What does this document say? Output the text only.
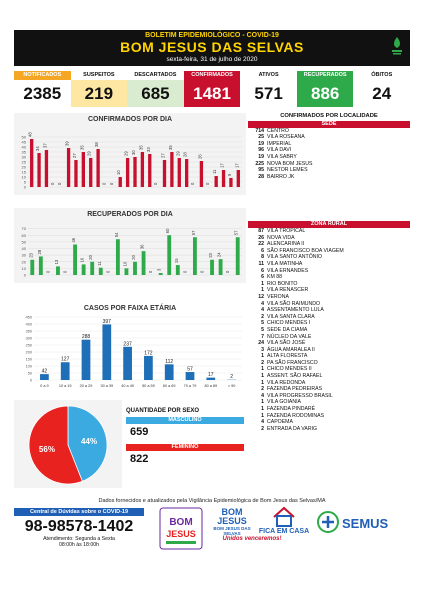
BOLETIM EPIDEMIOLÓGICO - COVID-19
BOM JESUS DAS SELVAS
sexta-feira, 31 de julho de 2020
NOTIFICADOS
2385
SUSPEITOS
219
DESCARTADOS
685
CONFIRMADOS
1481
ATIVOS
571
RECUPERADOS
886
ÓBITOS
24
CONFIRMADOS POR DIA
0
5
10
15
20
25
30
35
40
45
50 48
34
37
0 0
39
27
35
29
38
0 0
10
29 30
35 33
0
27
35
29 28
0
26
0
11
17
9
17
RECUPERADOS POR DIA
0
10
20
30
40
50
60
70
23
28
0
13
0
46
16
20
11
0
54
10
20
36
0
3
60
15
0
57
0
23 24
0
57
CASOS POR FAIXA ETÁRIA
0
50
100
150
200
250
300
350
400
450
42
0 a 9
127
10 a 19
288
20 a 29
397
30 a 39
237
40 a 49
172
50 a 59
112
60 a 69
57
70 a 79
17
80 a 89
2
> 90
44%
56%
QUANTIDADE POR SEXO
MASCULINO
659
FEMININO
822
CONFIRMADOS POR LOCALIDADE
SEDE
714 CENTRO
25 VILA ROSEANA
19 IMPERIAL
96 VILA DAVI
19 VILA SABRY
225 NOVA BOM JESUS
95 NESTOR LEMES
28 BAIRRO JK
ZONA RURAL
87 VILA TROPICAL
26 NOVA VIDA
22 ALENCARINA II
6 SÃO FRANCISCO BOA VIAGEM
8 VILA SANTO ANTÔNIO
11 VILA MATINHA
6 VILA ERNANDES
6 KM 88
1 RIO BONITO
1 VILA RENASCER
12 VERONA
4 VILA SÃO RAIMUNDO
4 ASSENTAMENTO LULA
2 VILA SANTA CLARA
5 CHICO MENDES I
5 SEDE DA CIAMA
7 NÚCLEO DA VALE
24 VILA SÃO JOSÉ
3 ÁGUA AMARALEA II
1 ALTA FLORESTA
2 PA SÃO FRANCISCO
1 CHICO MENDES II
1 ASSENT. SÃO RAFAEL
1 VILA REDONDA
2 FAZENDA PEDREIRAS
4 VILA PROGRESSO BRASIL
1 VILA GOIANIA
1 FAZENDA PINDARÉ
1 FAZENDA RODOMINAS
4 CAPOEMA
2 ENTRADA DA VARIG
Dados fornecidos e atualizados pela Vigilância Epidemiológica de Bom Jesus das Selvas/MA
Central de Dúvidas sobre o COVID-19
98-98578-1402
Atendimento: Segunda a Sexta
08:00h às 18:00h
BOM
JESUS
BOM JESUS
BOM JESUS DAS SELVAS
Unidos venceremos!
FICA EM CASA
SEMUS
